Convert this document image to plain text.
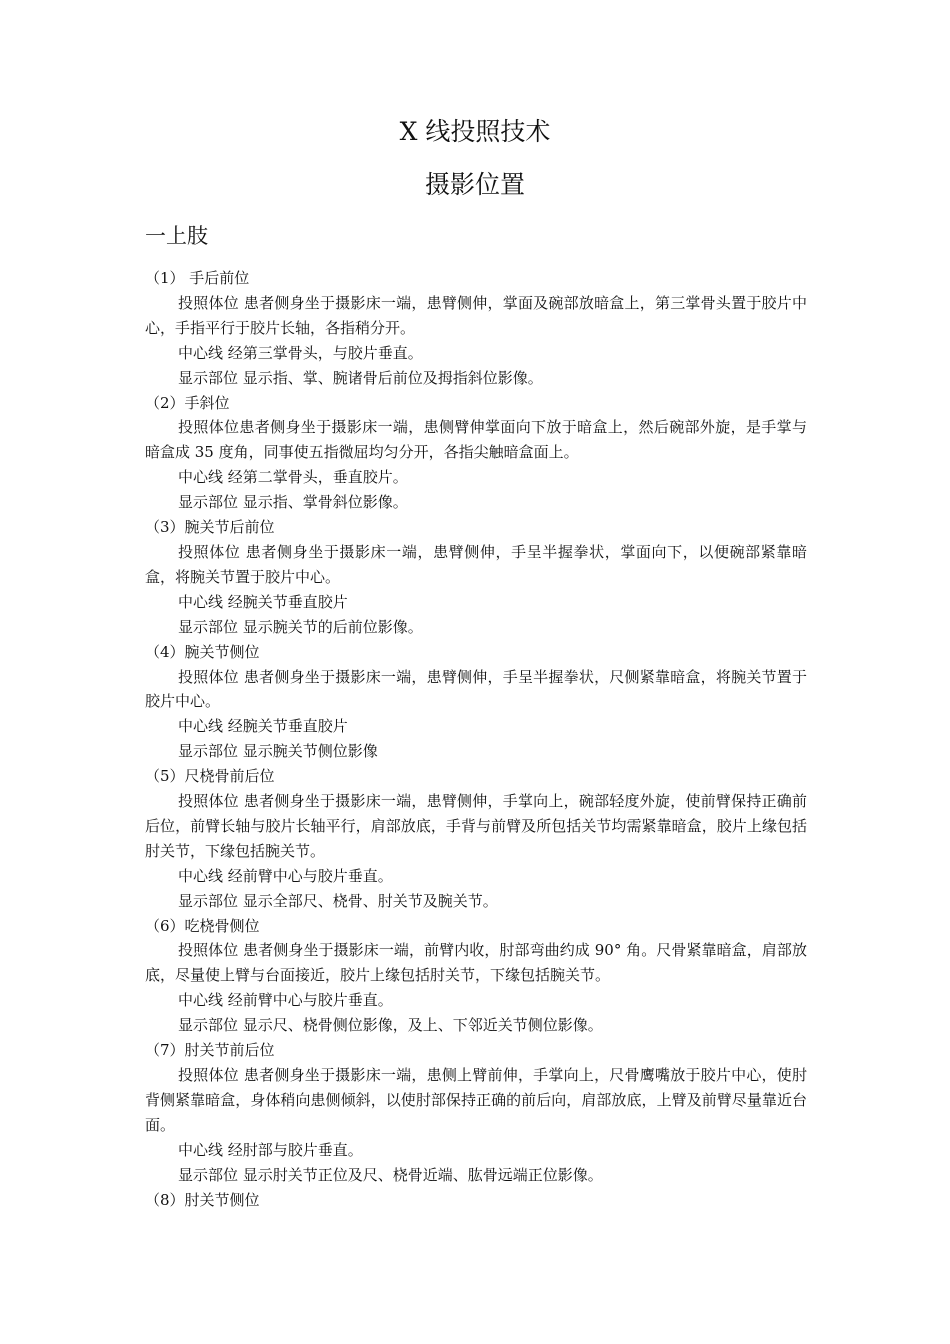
X 线投照技术
摄影位置
一上肢

（1） 手后前位

投照体位 患者侧身坐于摄影床一端，患臂侧伸，掌面及碗部放暗盒上，第三掌骨头置于胶片中心，手指平行于胶片长轴，各指稍分开。

中心线 经第三掌骨头，与胶片垂直。

显示部位 显示指、掌、腕诸骨后前位及拇指斜位影像。

（2）手斜位

投照体位患者侧身坐于摄影床一端，患侧臂伸掌面向下放于暗盒上，然后碗部外旋，是手掌与暗盒成 35 度角，同事使五指微屈均匀分开，各指尖触暗盒面上。

中心线 经第二掌骨头，垂直胶片。

显示部位 显示指、掌骨斜位影像。

（3）腕关节后前位

投照体位 患者侧身坐于摄影床一端，患臂侧伸，手呈半握拳状，掌面向下，以便碗部紧靠暗盒，将腕关节置于胶片中心。

中心线 经腕关节垂直胶片

显示部位 显示腕关节的后前位影像。

（4）腕关节侧位

投照体位 患者侧身坐于摄影床一端，患臂侧伸，手呈半握拳状，尺侧紧靠暗盒，将腕关节置于胶片中心。

中心线 经腕关节垂直胶片

显示部位 显示腕关节侧位影像

（5）尺桡骨前后位

投照体位 患者侧身坐于摄影床一端，患臂侧伸，手掌向上，碗部轻度外旋，使前臂保持正确前后位，前臂长轴与胶片长轴平行，肩部放底，手背与前臂及所包括关节均需紧靠暗盒，胶片上缘包括肘关节，下缘包括腕关节。

中心线 经前臂中心与胶片垂直。

显示部位 显示全部尺、桡骨、肘关节及腕关节。

（6）吃桡骨侧位

投照体位 患者侧身坐于摄影床一端，前臂内收，肘部弯曲约成 90° 角。尺骨紧靠暗盒，肩部放底，尽量使上臂与台面接近，胶片上缘包括肘关节，下缘包括腕关节。

中心线 经前臂中心与胶片垂直。

显示部位 显示尺、桡骨侧位影像，及上、下邻近关节侧位影像。

（7）肘关节前后位

投照体位 患者侧身坐于摄影床一端，患侧上臂前伸，手掌向上，尺骨鹰嘴放于胶片中心，使肘背侧紧靠暗盒，身体稍向患侧倾斜，以使肘部保持正确的前后向，肩部放底，上臂及前臂尽量靠近台面。

中心线 经肘部与胶片垂直。

显示部位 显示肘关节正位及尺、桡骨近端、肱骨远端正位影像。

（8）肘关节侧位
